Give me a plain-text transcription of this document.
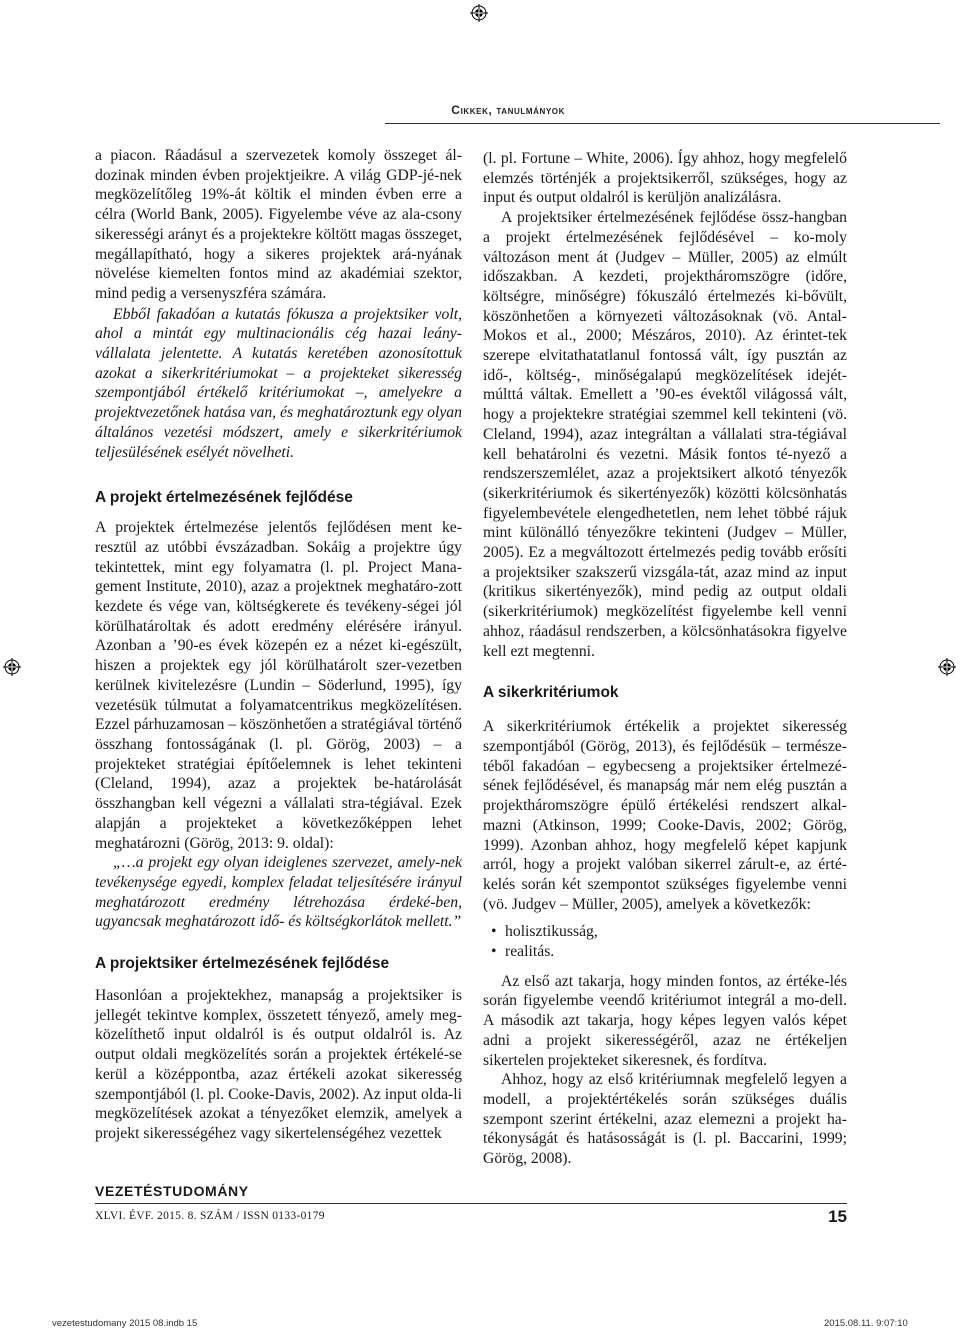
Cikkek, tanulmányok

a piacon. Ráadásul a szervezetek komoly összeget ál-dozinak minden évben projektjeikre. A világ GDP-jé-nek megközelítőleg 19%-át költik el minden évben erre a célra (World Bank, 2005). Figyelembe véve az ala-csony sikerességi arányt és a projektekre költött magas összeget, megállapítható, hogy a sikeres projektek ará-nyának növelése kiemelten fontos mind az akadémiai szektor, mind pedig a versenyszféra számára.

Ebből fakadóan a kutatás fókusza a projektsiker volt, ahol a mintát egy multinacionális cég hazai leány-vállalata jelentette. A kutatás keretében azonosítottuk azokat a sikerkritériumokat – a projekteket sikeresség szempontjából értékelő kritériumokat –, amelyekre a projektvezetőnek hatása van, és meghatároztunk egy olyan általános vezetési módszert, amely e sikerkritériumok teljesülésének esélyét növelheti.

A projekt értelmezésének fejlődése

A projektek értelmezése jelentős fejlődésen ment ke-resztül az utóbbi évszázadban. Sokáig a projektre úgy tekintettek, mint egy folyamatra (l. pl. Project Mana-gement Institute, 2010), azaz a projektnek meghatáro-zott kezdete és vége van, költségkerete és tevékeny-ségei jól körülhatároltak és adott eredmény elérésére irányul. Azonban a ’90-es évek közepén ez a nézet ki-egészült, hiszen a projektek egy jól körülhatárolt szer-vezetben kerülnek kivitelezésre (Lundin – Söderlund, 1995), így vezetésük túlmutat a folyamatcentrikus megközelítésen. Ezzel párhuzamosan – köszönhetően a stratégiával történő összhang fontosságának (l. pl. Görög, 2003) – a projekteket stratégiai építőelemnek is lehet tekinteni (Cleland, 1994), azaz a projektek be-határolását összhangban kell végezni a vállalati stra-tégiával. Ezek alapján a projekteket a következőképpen lehet meghatározni (Görög, 2013: 9. oldal):

„…a projekt egy olyan ideiglenes szervezet, amely-nek tevékenysége egyedi, komplex feladat teljesítésére irányul meghatározott eredmény létrehozása érdeké-ben, ugyancsak meghatározott idő- és költségkorlátok mellett.”

A projektsiker értelmezésének fejlődése

Hasonlóan a projektekhez, manapság a projektsiker is jellegét tekintve komplex, összetett tényező, amely meg-közelíthető input oldalról is és output oldalról is. Az output oldali megközelítés során a projektek értékelé-se kerül a középpontba, azaz értékeli azokat sikeresség szempontjából (l. pl. Cooke-Davis, 2002). Az input olda-li megközelítések azokat a tényezőket elemzik, amelyek a projekt sikerességéhez vagy sikertelenségéhez vezettek

(l. pl. Fortune – White, 2006). Így ahhoz, hogy megfelelő elemzés történjék a projektsikerről, szükséges, hogy az input és output oldalról is kerüljön analizálásra.

A projektsiker értelmezésének fejlődése össz-hangban a projekt értelmezésének fejlődésével – ko-moly változáson ment át (Judgev – Müller, 2005) az elmúlt időszakban. A kezdeti, projektháromszögre (időre, költségre, minőségre) fókuszáló értelmezés ki-bővült, köszönhetően a környezeti változásoknak (vö. Antal-Mokos et al., 2000; Mészáros, 2010). Az érintet-tek szerepe elvitathatatlanul fontossá vált, így pusztán az idő-, költség-, minőségalapú megközelítések idejét-múlttá váltak. Emellett a ’90-es évektől világossá vált, hogy a projektekre stratégiai szemmel kell tekinteni (vö. Cleland, 1994), azaz integráltan a vállalati stra-tégiával kell behatárolni és vezetni. Másik fontos té-nyező a rendszerszemlélet, azaz a projektsikert alkotó tényezők (sikerkritériumok és sikertényezők) közötti kölcsönhatás figyelembevétele elengedhetetlen, nem lehet többé rájuk mint különálló tényezőkre tekinteni (Judgev – Müller, 2005). Ez a megváltozott értelmezés pedig tovább erősíti a projektsiker szakszerű vizsgála-tát, azaz mind az input (kritikus sikertényezők), mind pedig az output oldali (sikerkritériumok) megközelítést figyelembe kell venni ahhoz, ráadásul rendszerben, a kölcsönhatásokra figyelve kell ezt megtenni.

A sikerkritériumok

A sikerkritériumok értékelik a projektet sikeresség szempontjából (Görög, 2013), és fejlődésük – természe-téből fakadóan – egybecseng a projektsiker értelmezé-sének fejlődésével, és manapság már nem elég pusztán a projektháromszögre épülő értékelési rendszert alkal-mazni (Atkinson, 1999; Cooke-Davis, 2002; Görög, 1999). Azonban ahhoz, hogy megfelelő képet kapjunk arról, hogy a projekt valóban sikerrel zárult-e, az érté-kelés során két szempontot szükséges figyelembe venni (vö. Judgev – Müller, 2005), amelyek a következők:

• holisztikusság,
• realitás.

Az első azt takarja, hogy minden fontos, az értéke-lés során figyelembe veendő kritériumot integrál a mo-dell. A második azt takarja, hogy képes legyen valós képet adni a projekt sikerességéről, azaz ne értékeljen sikertelen projekteket sikeresnek, és fordítva.

Ahhoz, hogy az első kritériumnak megfelelő legyen a modell, a projektértékelés során szükséges duális szempont szerint értékelni, azaz elemezni a projekt ha-tékonyságát és hatásosságát is (l. pl. Baccarini, 1999; Görög, 2008).

VEZETÉSTUDOMÁNY
XLVI. ÉVF. 2015. 8. SZÁM / ISSN 0133-0179	15
vezetestudomany 2015 08.indb 15	2015.08.11. 9:07:10
